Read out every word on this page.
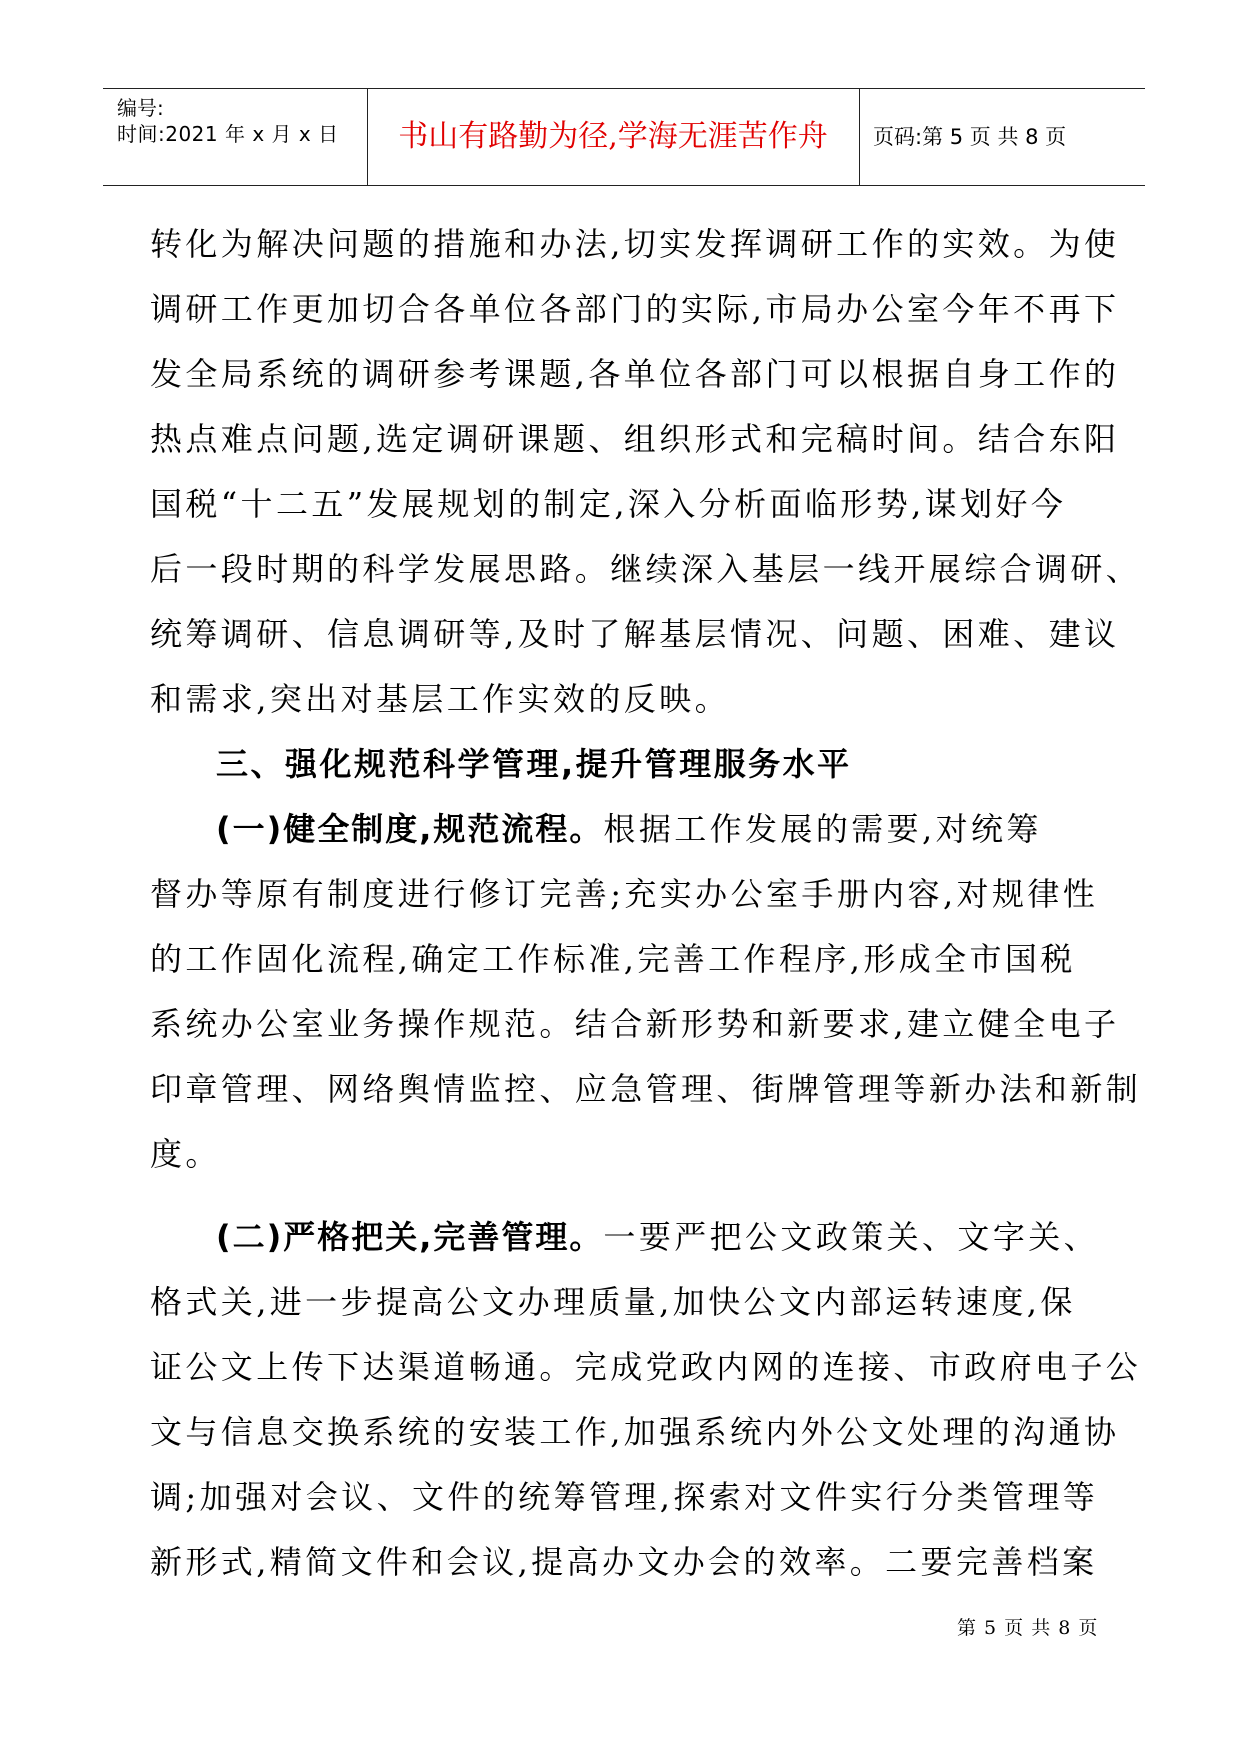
编号:
时间:2021 年 x 月 x 日	书山有路勤为径,学海无涯苦作舟	页码:第 5 页 共 8 页

转化为解决问题的措施和办法,切实发挥调研工作的实效。为使

调研工作更加切合各单位各部门的实际,市局办公室今年不再下

发全局系统的调研参考课题,各单位各部门可以根据自身工作的

热点难点问题,选定调研课题、组织形式和完稿时间。结合东阳

国税“十二五”发展规划的制定,深入分析面临形势,谋划好今

后一段时期的科学发展思路。继续深入基层一线开展综合调研、

统筹调研、信息调研等,及时了解基层情况、问题、困难、建议

和需求,突出对基层工作实效的反映。

三、强化规范科学管理,提升管理服务水平

(一)健全制度,规范流程。根据工作发展的需要,对统筹

督办等原有制度进行修订完善;充实办公室手册内容,对规律性

的工作固化流程,确定工作标准,完善工作程序,形成全市国税

系统办公室业务操作规范。结合新形势和新要求,建立健全电子

印章管理、网络舆情监控、应急管理、街牌管理等新办法和新制

度。

(二)严格把关,完善管理。一要严把公文政策关、文字关、

格式关,进一步提高公文办理质量,加快公文内部运转速度,保

证公文上传下达渠道畅通。完成党政内网的连接、市政府电子公

文与信息交换系统的安装工作,加强系统内外公文处理的沟通协

调;加强对会议、文件的统筹管理,探索对文件实行分类管理等

新形式,精简文件和会议,提高办文办会的效率。二要完善档案

第 5 页 共 8 页
